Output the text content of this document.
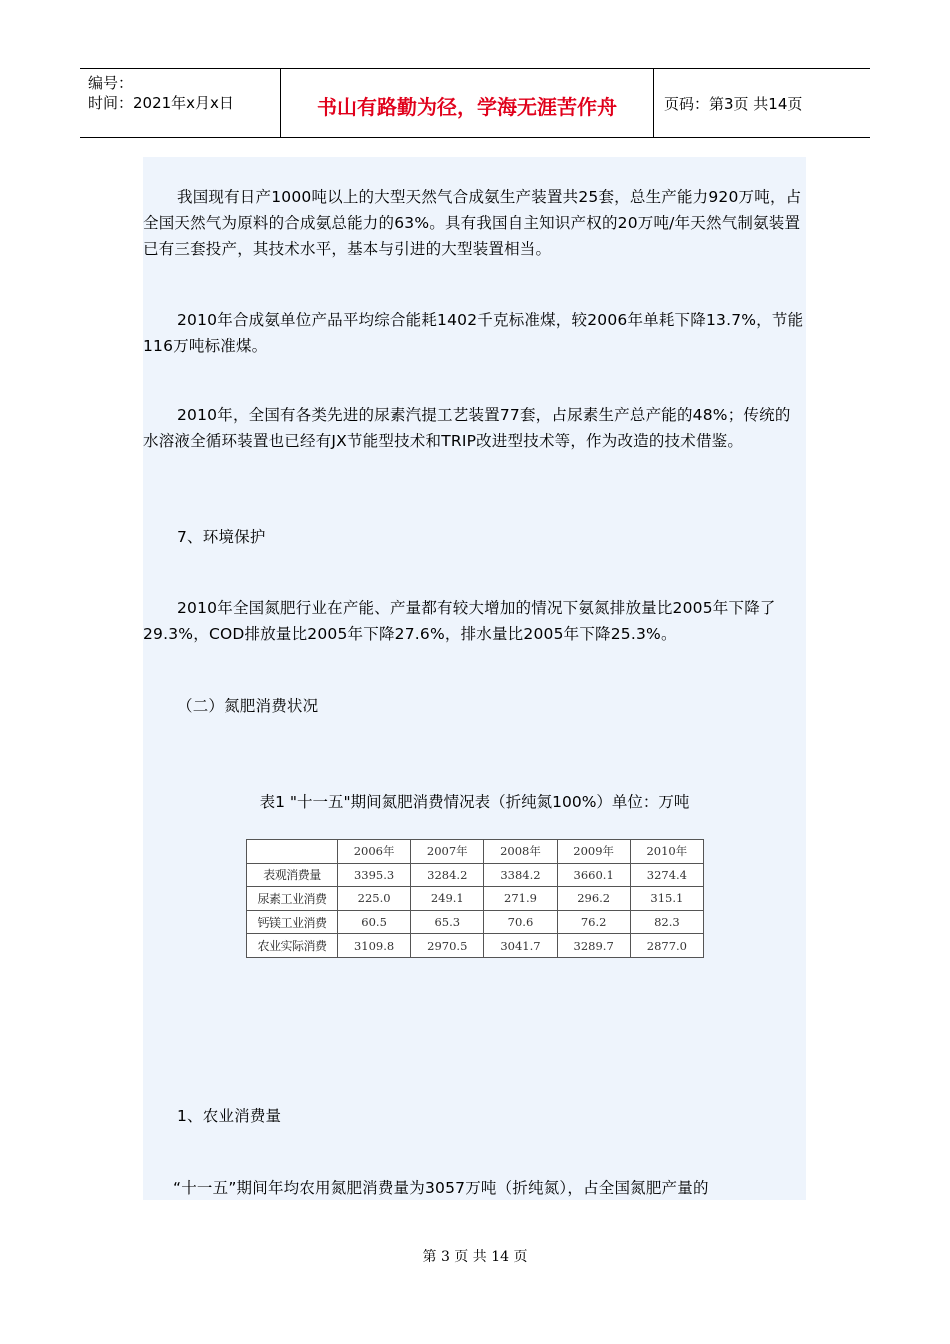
编号：
时间：2021年x月x日	书山有路勤为径，学海无涯苦作舟	页码：第3页 共14页

我国现有日产1000吨以上的大型天然气合成氨生产装置共25套，总生产能力920万吨，占全国天然气为原料的合成氨总能力的63%。具有我国自主知识产权的20万吨/年天然气制氨装置已有三套投产，其技术水平，基本与引进的大型装置相当。

2010年合成氨单位产品平均综合能耗1402千克标准煤，较2006年单耗下降13.7%，节能116万吨标准煤。

2010年，全国有各类先进的尿素汽提工艺装置77套，占尿素生产总产能的48%；传统的水溶液全循环装置也已经有JX节能型技术和TRIP改进型技术等，作为改造的技术借鉴。

7、环境保护

2010年全国氮肥行业在产能、产量都有较大增加的情况下氨氮排放量比2005年下降了29.3%，COD排放量比2005年下降27.6%，排水量比2005年下降25.3%。

（二）氮肥消费状况

表1 "十一五"期间氮肥消费情况表（折纯氮100%）单位：万吨
	2006年	2007年	2008年	2009年	2010年
表观消费量	3395.3	3284.2	3384.2	3660.1	3274.4
尿素工业消费	225.0	249.1	271.9	296.2	315.1
钙镁工业消费	60.5	65.3	70.6	76.2	82.3
农业实际消费	3109.8	2970.5	3041.7	3289.7	2877.0

1、农业消费量

“十一五”期间年均农用氮肥消费量为3057万吨（折纯氮），占全国氮肥产量的

第 3 页 共 14 页
